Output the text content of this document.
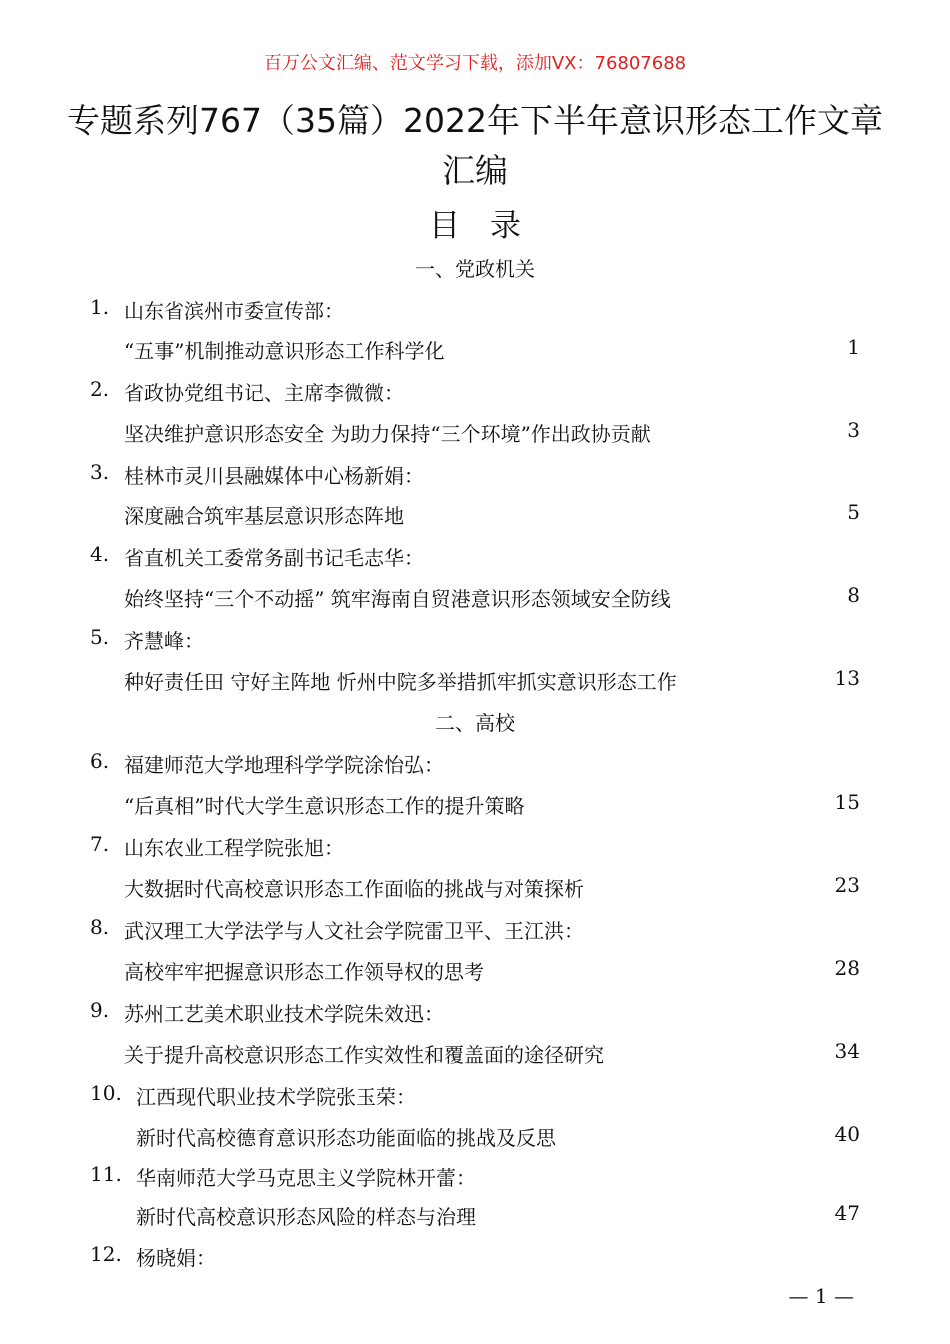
百万公文汇编、范文学习下载，添加VX：76807688
专题系列767（35篇）2022年下半年意识形态工作文章汇编
目录
一、党政机关
1. 山东省滨州市委宣传部：
“五事”机制推动意识形态工作科学化	1
2. 省政协党组书记、主席李微微：
坚决维护意识形态安全 为助力保持“三个环境”作出政协贡献	3
3. 桂林市灵川县融媒体中心杨新娟：
深度融合筑牢基层意识形态阵地	5
4. 省直机关工委常务副书记毛志华：
始终坚持“三个不动摇” 筑牢海南自贸港意识形态领域安全防线	8
5. 齐慧峰：
种好责任田 守好主阵地 忻州中院多举措抓牢抓实意识形态工作	13
二、高校
6. 福建师范大学地理科学学院涂怡弘：
“后真相”时代大学生意识形态工作的提升策略	15
7. 山东农业工程学院张旭：
大数据时代高校意识形态工作面临的挑战与对策探析	23
8. 武汉理工大学法学与人文社会学院雷卫平、王江洪：
高校牢牢把握意识形态工作领导权的思考	28
9. 苏州工艺美术职业技术学院朱效迅：
关于提升高校意识形态工作实效性和覆盖面的途径研究	34
10. 江西现代职业技术学院张玉荣：
新时代高校德育意识形态功能面临的挑战及反思	40
11. 华南师范大学马克思主义学院林开蕾：
新时代高校意识形态风险的样态与治理	47
12. 杨晓娟：
— 1 —
